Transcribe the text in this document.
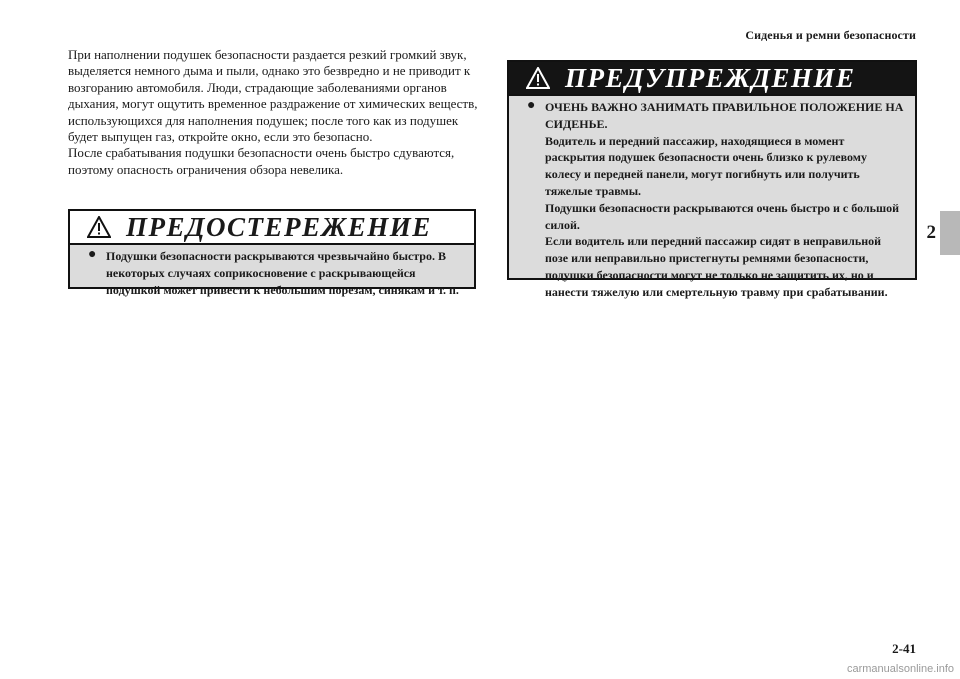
Сиденья и ремни безопасности
2

При наполнении подушек безопасности раздается резкий громкий звук, выделяется немного дыма и пыли, однако это безвредно и не приводит к возгоранию автомобиля. Люди, страдающие заболеваниями органов дыхания, могут ощутить временное раздражение от химических веществ, использующихся для наполнения подушек; после того как из подушек будет выпущен газ, откройте окно, если это безопасно.

После срабатывания подушки безопасности очень быстро сдуваются, поэтому опасность ограничения обзора невелика.

ПРЕДОСТЕРЕЖЕНИЕ
● Подушки безопасности раскрываются чрезвычайно быстро. В некоторых случаях соприкосновение с раскрывающейся подушкой может привести к небольшим порезам, синякам и т. п.

ПРЕДУПРЕЖДЕНИЕ
● ОЧЕНЬ ВАЖНО ЗАНИМАТЬ ПРАВИЛЬНОЕ ПОЛОЖЕНИЕ НА СИДЕНЬЕ.

Водитель и передний пассажир, находящиеся в момент раскрытия подушек безопасности очень близко к рулевому колесу и передней панели, могут погибнуть или получить тяжелые травмы.

Подушки безопасности раскрываются очень быстро и с большой силой.

Если водитель или передний пассажир сидят в неправильной позе или неправильно пристегнуты ремнями безопасности, подушки безопасности могут не только не защитить их, но и нанести тяжелую или смертельную травму при срабатывании.

2-41
carmanualsonline.info
